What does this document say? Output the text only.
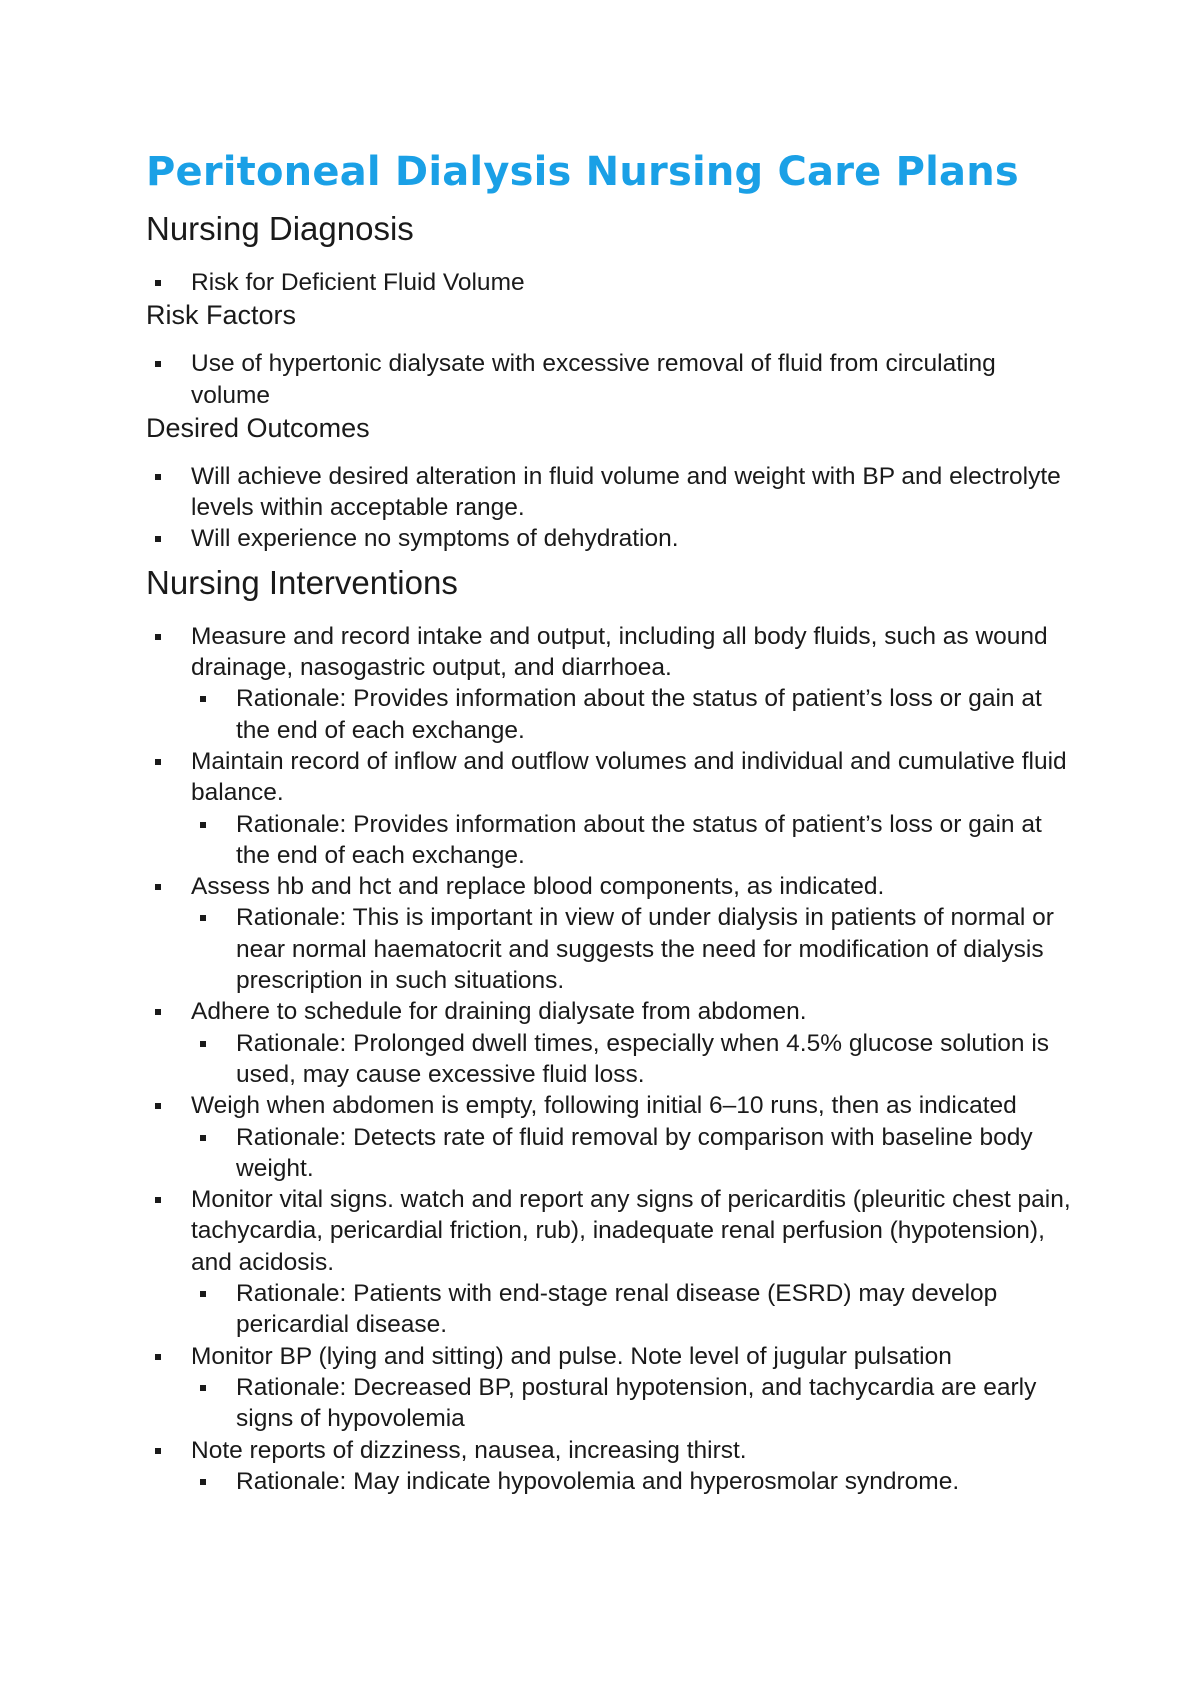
Peritoneal Dialysis Nursing Care Plans
Nursing Diagnosis
Risk for Deficient Fluid Volume
Risk Factors
Use of hypertonic dialysate with excessive removal of fluid from circulating volume
Desired Outcomes
Will achieve desired alteration in fluid volume and weight with BP and electrolyte levels within acceptable range.
Will experience no symptoms of dehydration.
Nursing Interventions
Measure and record intake and output, including all body fluids, such as wound drainage, nasogastric output, and diarrhoea.
Rationale: Provides information about the status of patient’s loss or gain at the end of each exchange.
Maintain record of inflow and outflow volumes and individual and cumulative fluid balance.
Rationale: Provides information about the status of patient’s loss or gain at the end of each exchange.
Assess hb and hct and replace blood components, as indicated.
Rationale: This is important in view of under dialysis in patients of normal or near normal haematocrit and suggests the need for modification of dialysis prescription in such situations.
Adhere to schedule for draining dialysate from abdomen.
Rationale: Prolonged dwell times, especially when 4.5% glucose solution is used, may cause excessive fluid loss.
Weigh when abdomen is empty, following initial 6–10 runs, then as indicated
Rationale: Detects rate of fluid removal by comparison with baseline body weight.
Monitor vital signs. watch and report any signs of pericarditis (pleuritic chest pain, tachycardia, pericardial friction, rub), inadequate renal perfusion (hypotension), and acidosis.
Rationale: Patients with end-stage renal disease (ESRD) may develop pericardial disease.
Monitor BP (lying and sitting) and pulse. Note level of jugular pulsation
Rationale: Decreased BP, postural hypotension, and tachycardia are early signs of hypovolemia
Note reports of dizziness, nausea, increasing thirst.
Rationale: May indicate hypovolemia and hyperosmolar syndrome.
